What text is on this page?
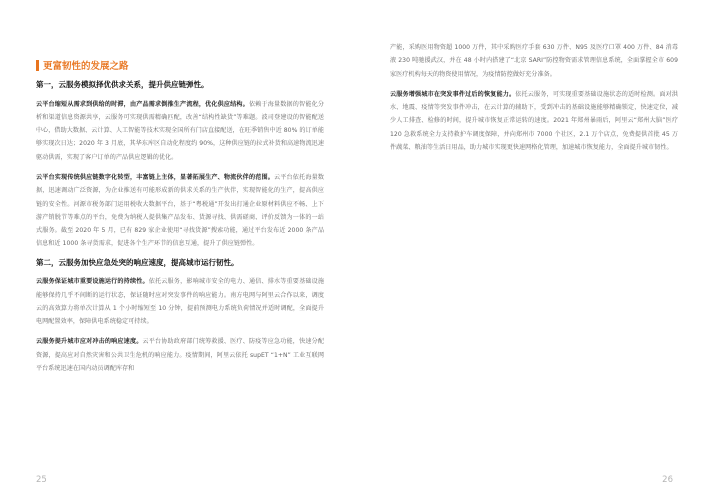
更富韧性的发展之路
第一，云服务模拟择优供求关系，提升供应链弹性。

云平台缩短从需求到供给的时滞，由产品需求倒推生产流程，优化供应结构。依赖于海量数据的智能化分析和渠道信息资源共享，云服务可实现供需精确匹配，改善“结构性缺货”等难题。波司登建设的智能配送中心，借助大数据、云计算、人工智能等技术实现全国所有门店直接配送，在旺季销售中近 80% 的订单能够实现次日达；2020 年 3 月底，其华东库区自动化程度约 90%，这种供应链的拉式补货和高速物流迅速驱动供需，实现了客户订单的产品供应逻辑的优化。

云平台实现传统供应链数字化转型，丰富链上主体，显著拓展生产、物流伙伴的范围。云平台依托海量数据，迅速调动广泛资源，为企业推送有可能形成新的供求关系的生产伙伴，实现智能化的生产，提高供应链的安全性。河源市税务部门运用税收大数据平台，基于“粤税通”开发出打通企业原材料供应不畅、上下游产销脱节等难点的平台，免费为纳税人提供集产品发布、货源寻找、供需磋商、评价反馈为一体的一站式服务。截至 2020 年 5 月，已有 829 家企业使用“寻找货源”搜索功能，通过平台发布近 2000 条产品信息和近 1000 条寻货需求，促进各个生产环节的信息互通，提升了供应链弹性。

第二，云服务加快应急处突的响应速度，提高城市运行韧性。

云服务保证城市重要设施运行的持续性。依托云服务，影响城市安全的电力、通信、排水等重要基础设施能够保持几乎不间断的运行状态，保证随时应对突发事件的响应能力。南方电网与阿里云合作以来，调度云的高效算力将单次计算从 1 个小时缩短至 10 分钟，提前预测电力系统负荷情况并适时调配，全面提升电网配置效率，保障供电系统稳定可持续。

云服务提升城市应对冲击的响应速度。云平台协助政府部门统筹救援、医疗、防疫等应急功能，快速分配资源，提高应对自然灾害和公共卫生危机的响应能力。疫情期间，阿里云依托 supET “1+N” 工业互联网平台系统迅速在国内动员调配库存和

25

产能，采购医用物资超 1000 万件，其中采购医疗手套 630 万件、N95 及医疗口罩 400 万件、84 消毒液 230 吨驰援武汉，并在 48 小时内搭建了“北京 SARI”防控物资需求管理信息系统，全面掌握全市 609 家医疗机构每天的物资使用情况，为疫情防控做好充分准备。

云服务增强城市在突发事件过后的恢复能力。依托云服务，可实现重要基础设施状态的适时检测。面对洪水、地震、疫情等突发事件冲击，在云计算的辅助下，受到冲击的基础设施能够精确锁定，快速定位，减少人工排查、检修的时间，提升城市恢复正常运转的速度。2021 年郑州暴雨后，阿里云“郑州大脑”医疗 120 急救系统全力支持救护车调度保障，并向郑州市 7000 个社区，2.1 万个店点，免费提供首批 45 万件蔬菜、粮油等生活日用品，助力城市实现更快速网格化管理，加速城市恢复能力，全面提升城市韧性。

26
